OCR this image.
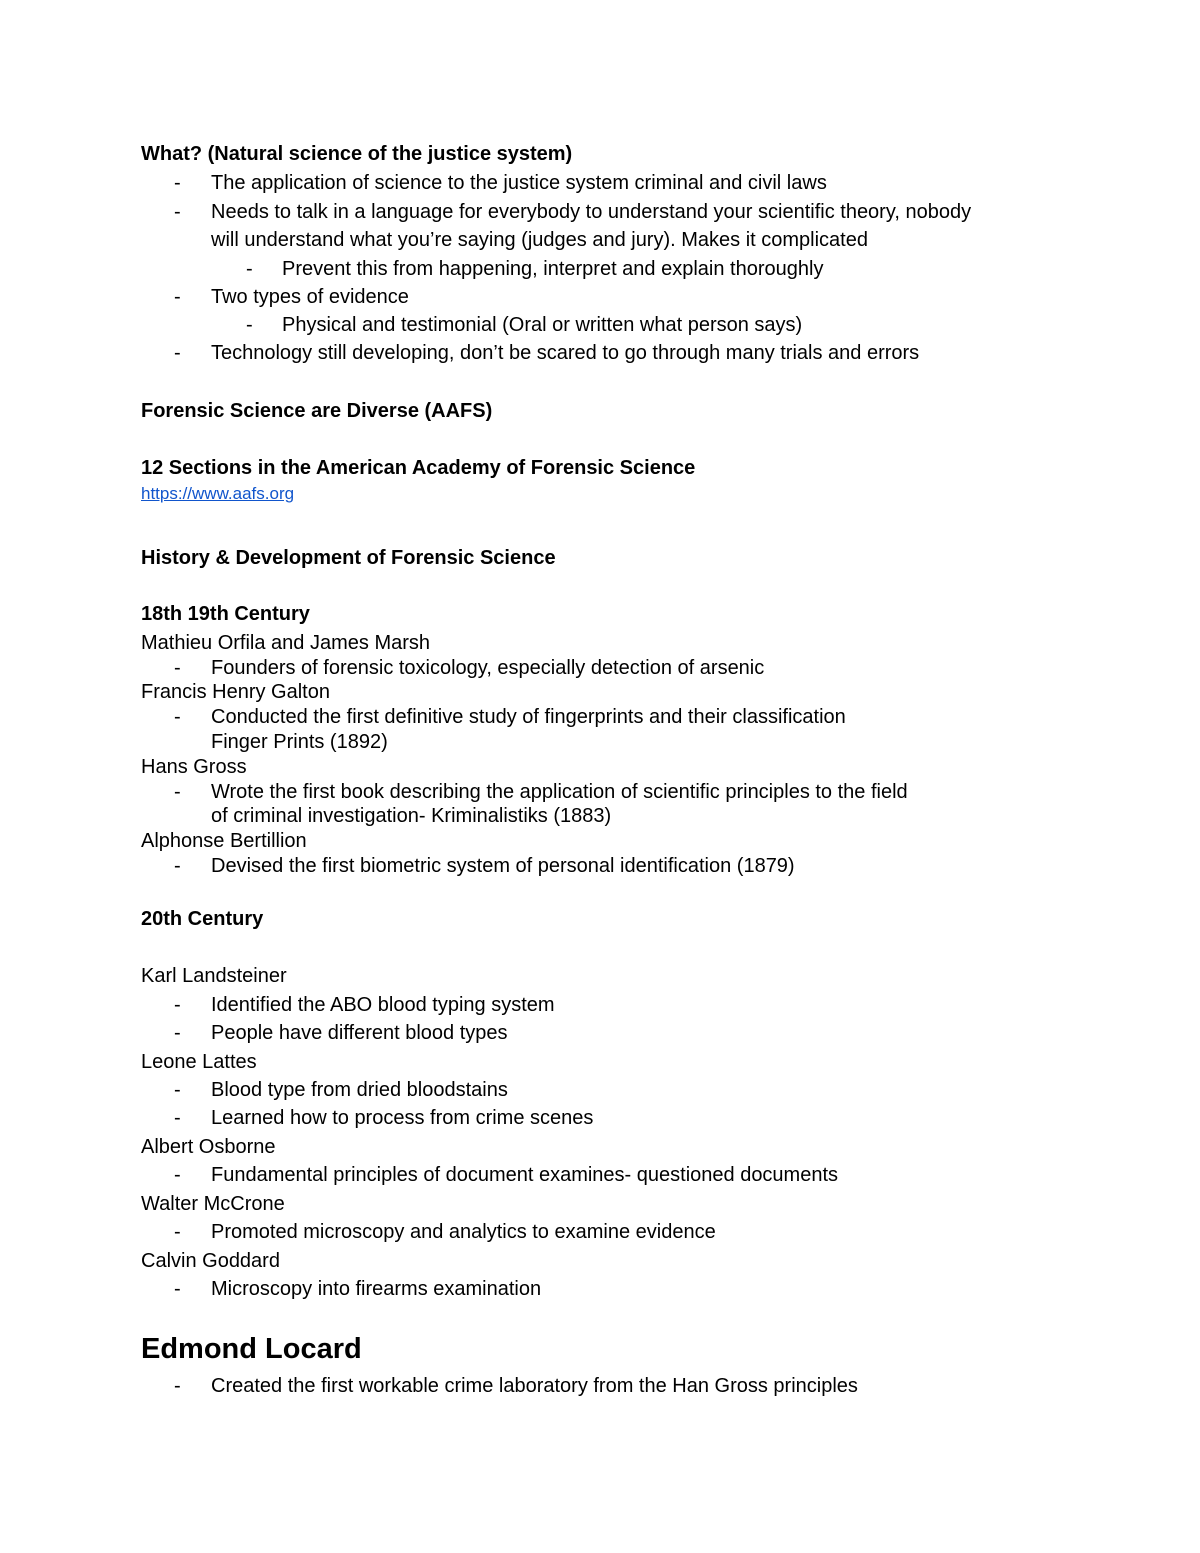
What? (Natural science of the justice system)
- The application of science to the justice system criminal and civil laws
- Needs to talk in a language for everybody to understand your scientific theory, nobody
will understand what you’re saying (judges and jury). Makes it complicated
- Prevent this from happening, interpret and explain thoroughly
- Two types of evidence
- Physical and testimonial (Oral or written what person says)
- Technology still developing, don’t be scared to go through many trials and errors
Forensic Science are Diverse (AAFS)
12 Sections in the American Academy of Forensic Science
https://www.aafs.org
History & Development of Forensic Science
18th 19th Century
Mathieu Orfila and James Marsh
- Founders of forensic toxicology, especially detection of arsenic
Francis Henry Galton
- Conducted the first definitive study of fingerprints and their classification
Finger Prints (1892)
Hans Gross
- Wrote the first book describing the application of scientific principles to the field
of criminal investigation- Kriminalistiks (1883)
Alphonse Bertillion
- Devised the first biometric system of personal identification (1879)
20th Century
Karl Landsteiner
- Identified the ABO blood typing system
- People have different blood types
Leone Lattes
- Blood type from dried bloodstains
- Learned how to process from crime scenes
Albert Osborne
- Fundamental principles of document examines- questioned documents
Walter McCrone
- Promoted microscopy and analytics to examine evidence
Calvin Goddard
- Microscopy into firearms examination
Edmond Locard
- Created the first workable crime laboratory from the Han Gross principles
